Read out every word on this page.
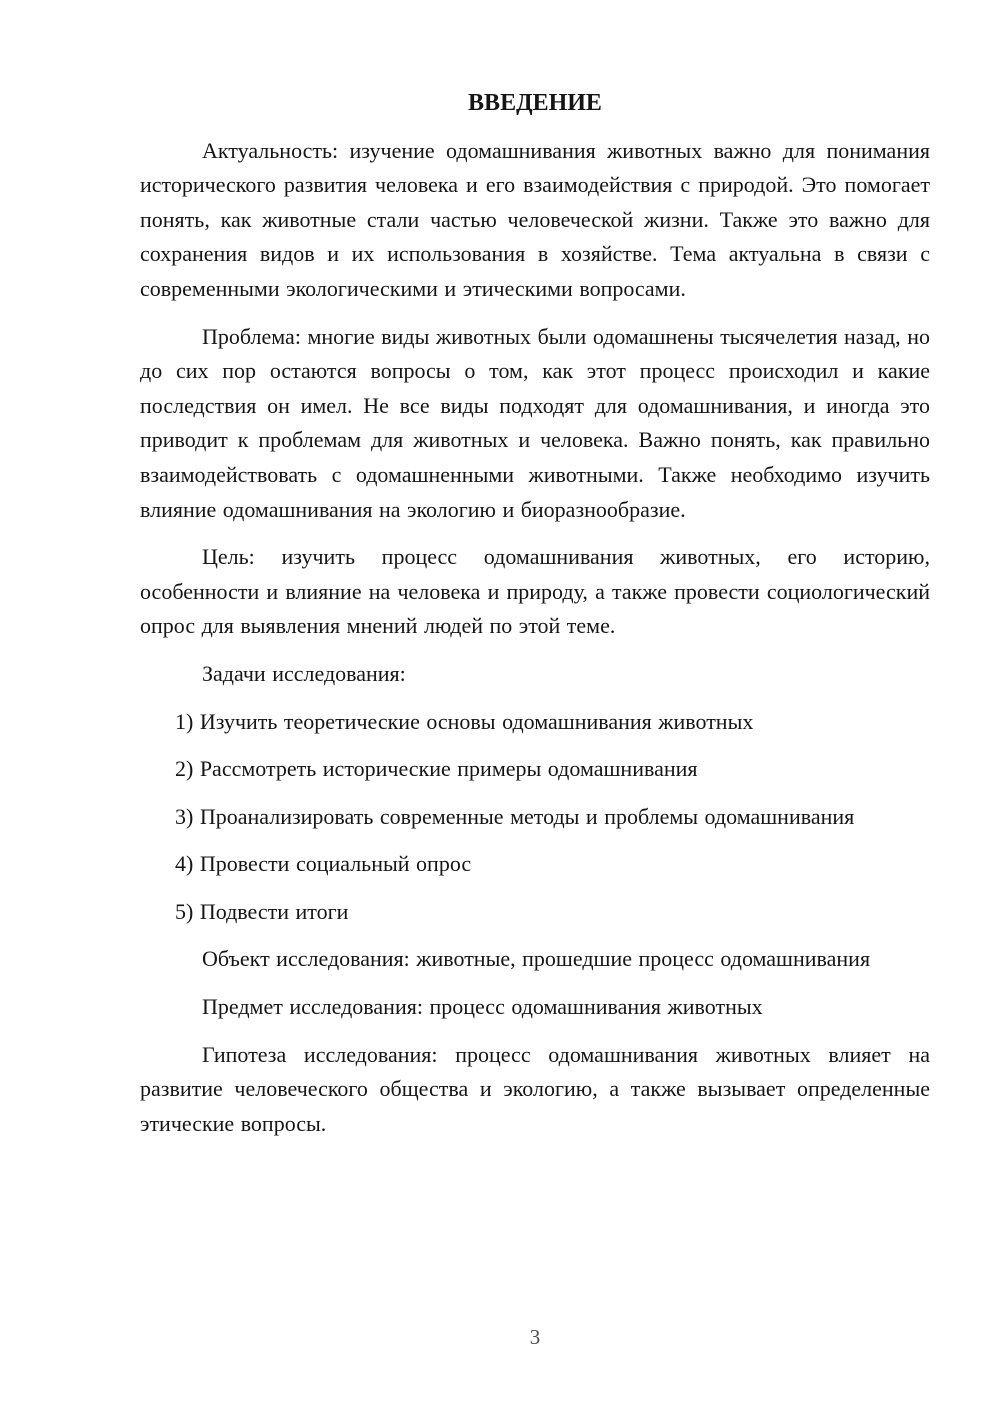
ВВЕДЕНИЕ

Актуальность: изучение одомашнивания животных важно для понимания исторического развития человека и его взаимодействия с природой. Это помогает понять, как животные стали частью человеческой жизни. Также это важно для сохранения видов и их использования в хозяйстве. Тема актуальна в связи с современными экологическими и этическими вопросами.

Проблема: многие виды животных были одомашнены тысячелетия назад, но до сих пор остаются вопросы о том, как этот процесс происходил и какие последствия он имел. Не все виды подходят для одомашнивания, и иногда это приводит к проблемам для животных и человека. Важно понять, как правильно взаимодействовать с одомашненными животными. Также необходимо изучить влияние одомашнивания на экологию и биоразнообразие.

Цель: изучить процесс одомашнивания животных, его историю, особенности и влияние на человека и природу, а также провести социологический опрос для выявления мнений людей по этой теме.

Задачи исследования:

1) Изучить теоретические основы одомашнивания животных

2) Рассмотреть исторические примеры одомашнивания

3) Проанализировать современные методы и проблемы одомашнивания

4) Провести социальный опрос

5) Подвести итоги

Объект исследования: животные, прошедшие процесс одомашнивания

Предмет исследования: процесс одомашнивания животных

Гипотеза исследования: процесс одомашнивания животных влияет на развитие человеческого общества и экологию, а также вызывает определенные этические вопросы.

3
